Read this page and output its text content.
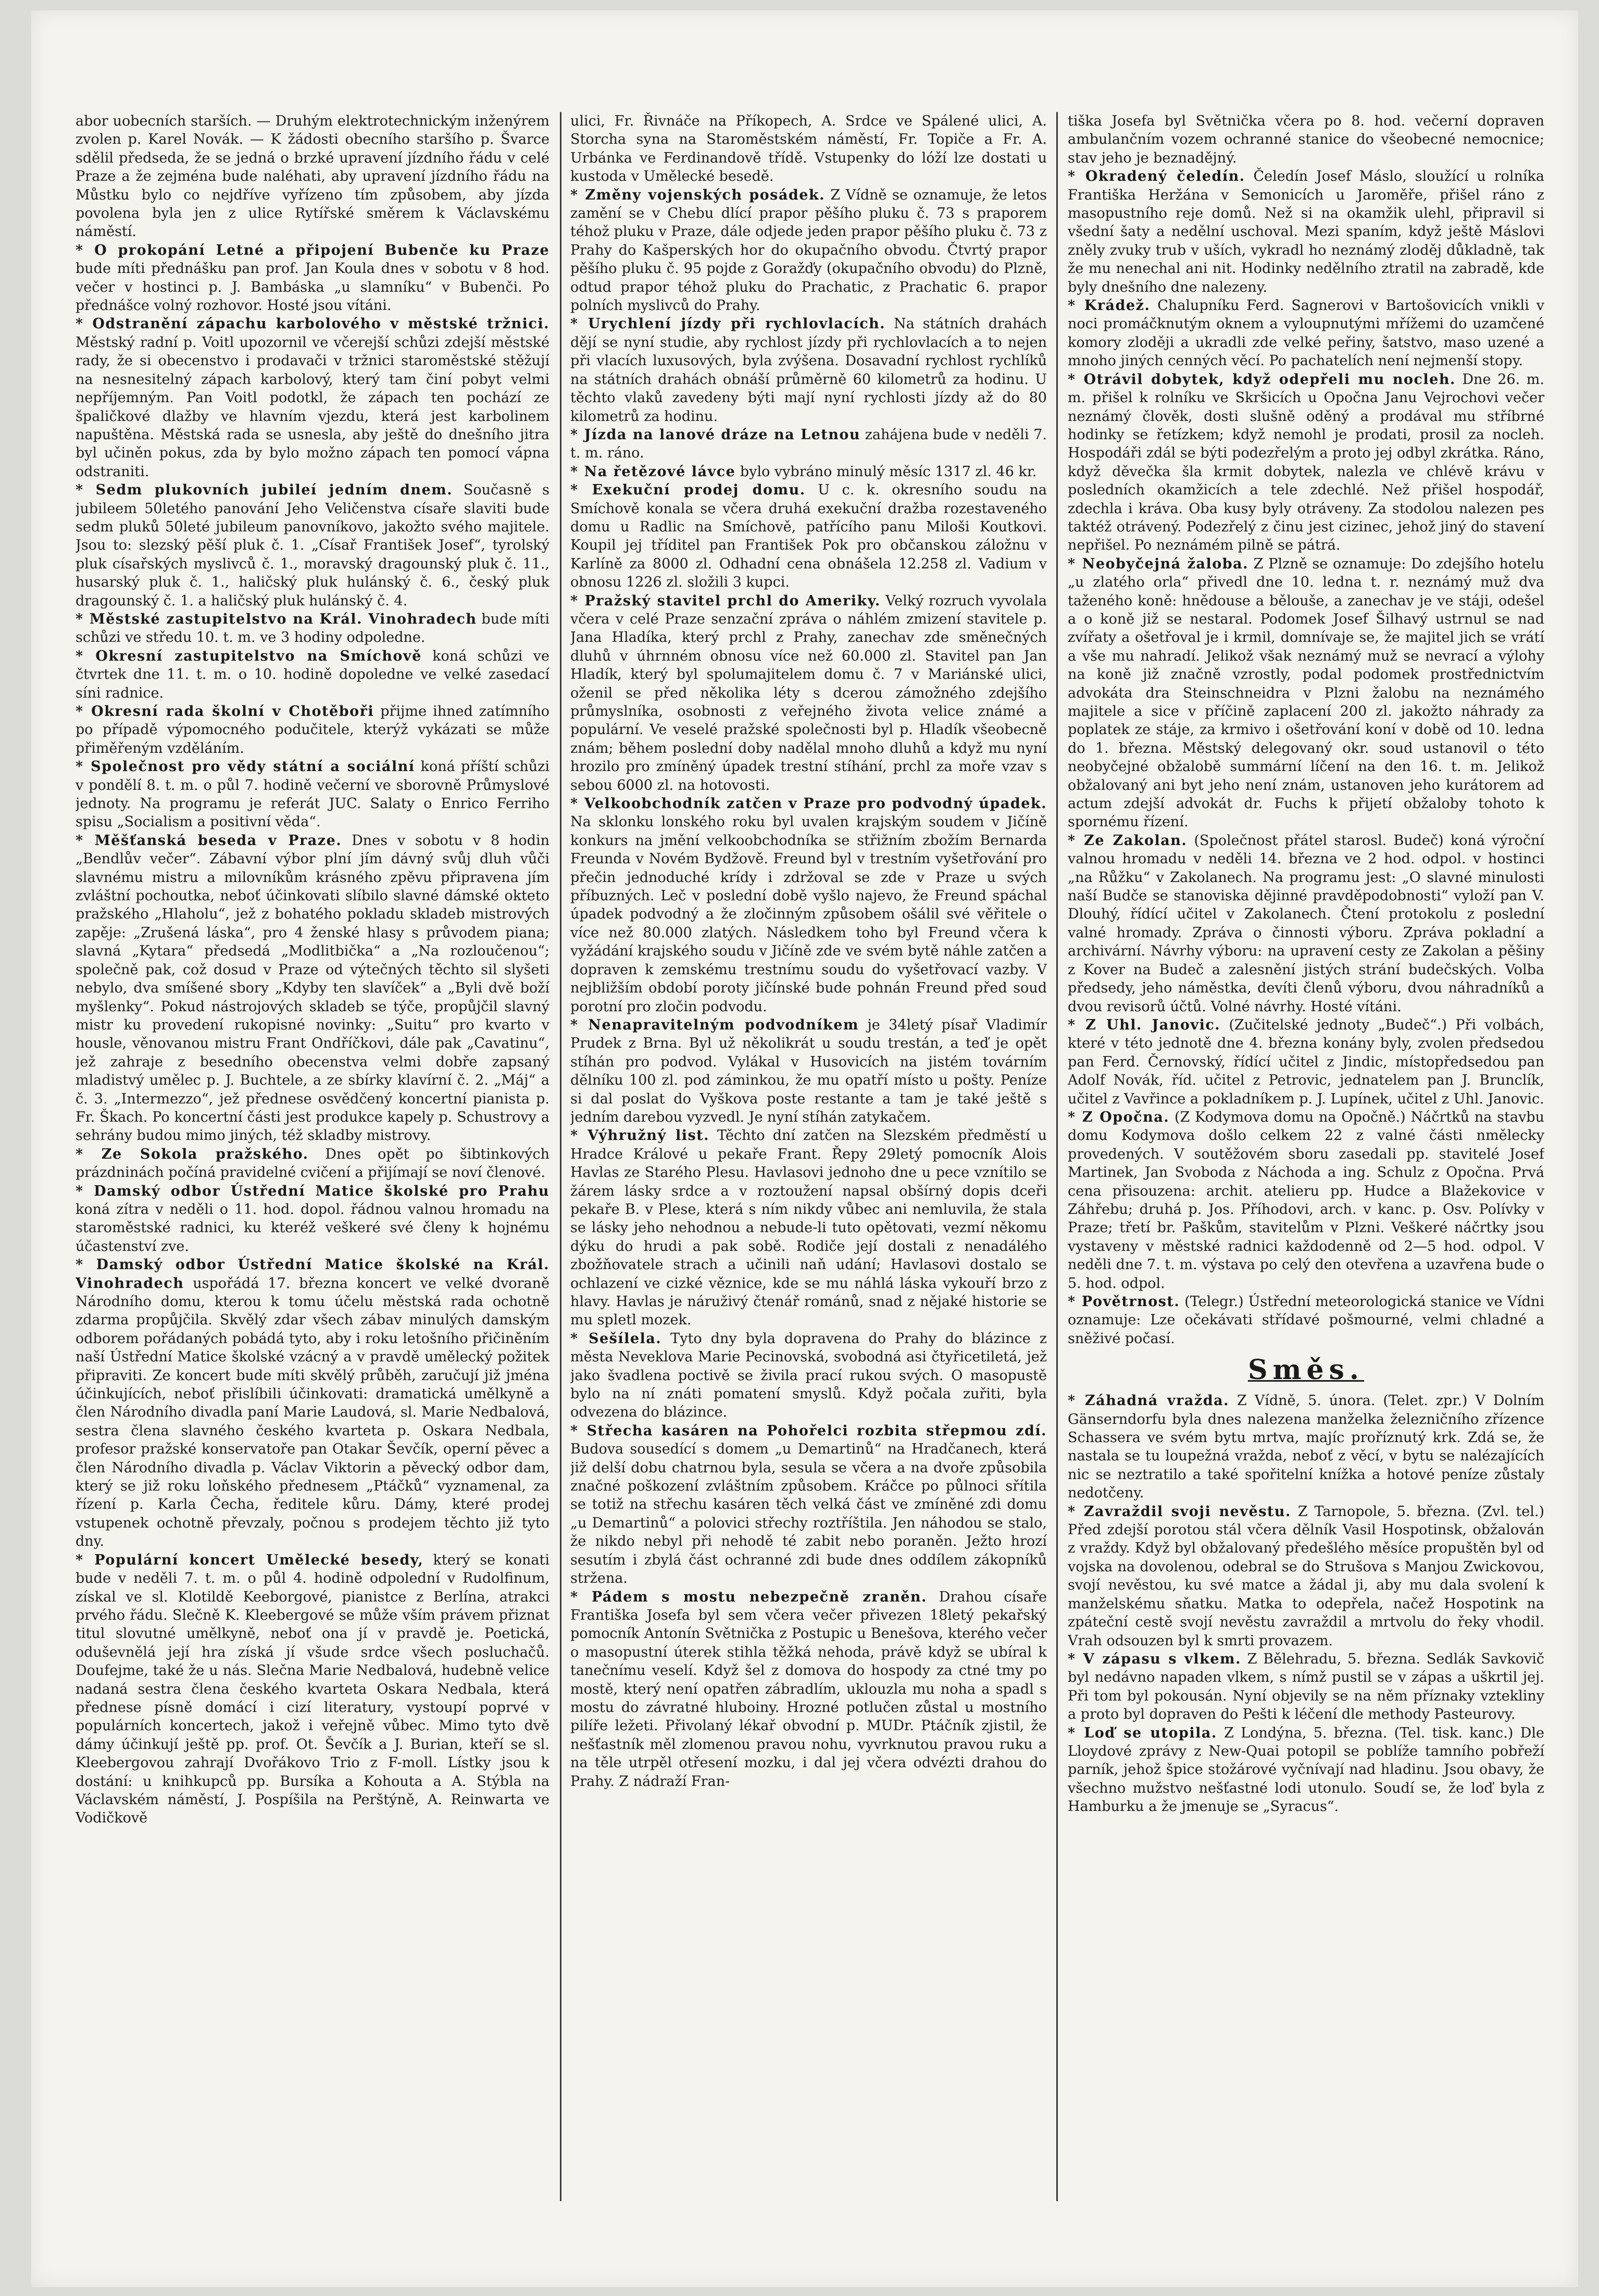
abor uobecních starších. — Druhým elektrotechnickým inženýrem zvolen p. Karel Novák. — K žádosti obecního staršího p. Švarce sdělil předseda, že se jedná o brzké upravení jízdního řádu v celé Praze a že zejména bude naléhati, aby upravení jízdního řádu na Můstku bylo co nejdříve vyřízeno tím způsobem, aby jízda povolena byla jen z ulice Rytířské směrem k Václavskému náměstí.

* O prokopání Letné a připojení Bubenče ku Praze bude míti přednášku pan prof. Jan Koula dnes v sobotu v 8 hod. večer v hostinci p. J. Bambáska „u slamníku“ v Bubenči. Po přednášce volný rozhovor. Hosté jsou vítáni.

* Odstranění zápachu karbolového v městské tržnici. Městský radní p. Voitl upozornil ve včerejší schůzi zdejší městské rady, že si obecenstvo i prodavači v tržnici staroměstské stěžují na nesnesitelný zápach karbolový, který tam činí pobyt velmi nepříjemným. Pan Voitl podotkl, že zápach ten pochází ze špaličkové dlažby ve hlavním vjezdu, která jest karbolinem napuštěna. Městská rada se usnesla, aby ještě do dnešního jitra byl učiněn pokus, zda by bylo možno zápach ten pomocí vápna odstraniti.

* Sedm plukovních jubileí jedním dnem. Současně s jubileem 50letého panování Jeho Veličenstva císaře slaviti bude sedm pluků 50leté jubileum panovníkovo, jakožto svého majitele. Jsou to: slezský pěší pluk č. 1. „Císař František Josef“, tyrolský pluk císařských myslivců č. 1., moravský dragounský pluk č. 11., husarský pluk č. 1., haličský pluk hulánský č. 6., český pluk dragounský č. 1. a haličský pluk hulánský č. 4.

* Městské zastupitelstvo na Král. Vinohradech bude míti schůzi ve středu 10. t. m. ve 3 hodiny odpoledne.

* Okresní zastupitelstvo na Smíchově koná schůzi ve čtvrtek dne 11. t. m. o 10. hodině dopoledne ve velké zasedací síni radnice.

* Okresní rada školní v Chotěboři přijme ihned zatímního po případě výpomocného podučitele, kterýž vykázati se může přiměřeným vzděláním.

* Společnost pro vědy státní a sociální koná příští schůzi v pondělí 8. t. m. o půl 7. hodině večerní ve sborovně Průmyslové jednoty. Na programu je referát JUC. Salaty o Enrico Ferriho spisu „Socialism a positivní věda“.

* Měšťanská beseda v Praze. Dnes v sobotu v 8 hodin „Bendlův večer“. Zábavní výbor plní jím dávný svůj dluh vůči slavnému mistru a milovníkům krásného zpěvu připravena jím zvláštní pochoutka, neboť účinkovati slíbilo slavné dámské okteto pražského „Hlaholu“, jež z bohatého pokladu skladeb mistrových zapěje: „Zrušená láska“, pro 4 ženské hlasy s průvodem piana; slavná „Kytara“ předsedá „Modlitbička“ a „Na rozloučenou“; společně pak, což dosud v Praze od výtečných těchto sil slyšeti nebylo, dva smíšené sbory „Kdyby ten slavíček“ a „Byli dvě boží myšlenky“. Pokud nástrojových skladeb se týče, propůjčil slavný mistr ku provedení rukopisné novinky: „Suitu“ pro kvarto v housle, věnovanou mistru Frant Ondříčkovi, dále pak „Cavatinu“, jež zahraje z besedního obecenstva velmi dobře zapsaný mladistvý umělec p. J. Buchtele, a ze sbírky klavírní č. 2. „Máj“ a č. 3. „Intermezzo“, jež přednese osvědčený koncertní pianista p. Fr. Škach. Po koncertní části jest produkce kapely p. Schustrovy a sehrány budou mimo jiných, též skladby mistrovy.

* Ze Sokola pražského. Dnes opět po šibtinkových prázdninách počíná pravidelné cvičení a přijímají se noví členové.

* Damský odbor Ústřední Matice školské pro Prahu koná zítra v neděli o 11. hod. dopol. řádnou valnou hromadu na staroměstské radnici, ku kteréž veškeré své členy k hojnému účastenství zve.

* Damský odbor Ústřední Matice školské na Král. Vinohradech uspořádá 17. března koncert ve velké dvoraně Národního domu, kterou k tomu účelu městská rada ochotně zdarma propůjčila. Skvělý zdar všech zábav minulých damským odborem pořádaných pobádá tyto, aby i roku letošního přičiněním naší Ústřední Matice školské vzácný a v pravdě umělecký požitek připraviti. Ze koncert bude míti skvělý průběh, zaručují již jména účinkujících, neboť přislíbili účinkovati: dramatická umělkyně a člen Národního divadla paní Marie Laudová, sl. Marie Nedbalová, sestra člena slavného českého kvarteta p. Oskara Nedbala, profesor pražské konservatoře pan Otakar Ševčík, operní pěvec a člen Národního divadla p. Václav Viktorin a pěvecký odbor dam, který se již roku loňského přednesem „Ptáčků“ vyznamenal, za řízení p. Karla Čecha, ředitele kůru. Dámy, které prodej vstupenek ochotně převzaly, počnou s prodejem těchto již tyto dny.

* Populární koncert Umělecké besedy, který se konati bude v neděli 7. t. m. o půl 4. hodině odpolední v Rudolfinum, získal ve sl. Klotildě Keeborgové, pianistce z Berlína, atrakci prvého řádu. Slečně K. Kleebergové se může vším právem přiznat titul slovutné umělkyně, neboť ona jí v pravdě je. Poetická, oduševnělá její hra získá jí všude srdce všech posluchačů. Doufejme, také že u nás. Slečna Marie Nedbalová, hudebně velice nadaná sestra člena českého kvarteta Oskara Nedbala, která přednese písně domácí i cizí literatury, vystoupí poprvé v populárních koncertech, jakož i veřejně vůbec. Mimo tyto dvě dámy účinkují ještě pp. prof. Ot. Ševčík a J. Burian, kteří se sl. Kleebergovou zahrají Dvořákovo Trio z F-moll. Lístky jsou k dostání: u knihkupců pp. Bursíka a Kohouta a A. Stýbla na Václavském náměstí, J. Pospíšila na Perštýně, A. Reinwarta ve Vodičkově

ulici, Fr. Řivnáče na Příkopech, A. Srdce ve Spálené ulici, A. Storcha syna na Staroměstském náměstí, Fr. Topiče a Fr. A. Urbánka ve Ferdinandově třídě. Vstupenky do lóží lze dostati u kustoda v Umělecké besedě.

* Změny vojenských posádek. Z Vídně se oznamuje, že letos zamění se v Chebu dlící prapor pěšího pluku č. 73 s praporem téhož pluku v Praze, dále odjede jeden prapor pěšího pluku č. 73 z Prahy do Kašperských hor do okupačního obvodu. Čtvrtý prapor pěšího pluku č. 95 pojde z Goražďy (okupačního obvodu) do Plzně, odtud prapor téhož pluku do Prachatic, z Prachatic 6. prapor polních myslivců do Prahy.

* Urychlení jízdy při rychlovlacích. Na státních drahách dějí se nyní studie, aby rychlost jízdy při rychlovlacích a to nejen při vlacích luxusových, byla zvýšena. Dosavadní rychlost rychlíků na státních drahách obnáší průměrně 60 kilometrů za hodinu. U těchto vlaků zavedeny býti mají nyní rychlosti jízdy až do 80 kilometrů za hodinu.

* Jízda na lanové dráze na Letnou zahájena bude v neděli 7. t. m. ráno.

* Na řetězové lávce bylo vybráno minulý měsíc 1317 zl. 46 kr.

* Exekuční prodej domu. U c. k. okresního soudu na Smíchově konala se včera druhá exekuční dražba rozestaveného domu u Radlic na Smíchově, patřícího panu Miloši Koutkovi. Koupil jej tříditel pan František Pok pro občanskou záložnu v Karlíně za 8000 zl. Odhadní cena obnášela 12.258 zl. Vadium v obnosu 1226 zl. složili 3 kupci.

* Pražský stavitel prchl do Ameriky. Velký rozruch vyvolala včera v celé Praze senzační zpráva o náhlém zmizení stavitele p. Jana Hladíka, který prchl z Prahy, zanechav zde směnečných dluhů v úhrnném obnosu více než 60.000 zl. Stavitel pan Jan Hladík, který byl spolumajitelem domu č. 7 v Mariánské ulici, oženil se před několika léty s dcerou zámožného zdejšího průmyslníka, osobnosti z veřejného života velice známé a populární. Ve veselé pražské společnosti byl p. Hladík všeobecně znám; během poslední doby nadělal mnoho dluhů a když mu nyní hrozilo pro zmíněný úpadek trestní stíhání, prchl za moře vzav s sebou 6000 zl. na hotovosti.

* Velkoobchodník zatčen v Praze pro podvodný úpadek. Na sklonku lonského roku byl uvalen krajským soudem v Jičíně konkurs na jmění velkoobchodníka se střižním zbožím Bernarda Freunda v Novém Bydžově. Freund byl v trestním vyšetřování pro přečin jednoduché krídy i zdržoval se zde v Praze u svých příbuzných. Leč v poslední době vyšlo najevo, že Freund spáchal úpadek podvodný a že zločinným způsobem ošálil své věřitele o více než 80.000 zlatých. Následkem toho byl Freund včera k vyžádání krajského soudu v Jičíně zde ve svém bytě náhle zatčen a dopraven k zemskému trestnímu soudu do vyšetřovací vazby. V nejbližším období poroty jičínské bude pohnán Freund před soud porotní pro zločin podvodu.

* Nenapravitelným podvodníkem je 34letý písař Vladimír Prudek z Brna. Byl už několikrát u soudu trestán, a teď je opět stíhán pro podvod. Vylákal v Husovicích na jistém továrním dělníku 100 zl. pod záminkou, že mu opatří místo u pošty. Peníze si dal poslat do Vyškova poste restante a tam je také ještě s jedním darebou vyzvedl. Je nyní stíhán zatykačem.

* Výhružný list. Těchto dní zatčen na Slezském předměstí u Hradce Králové u pekaře Frant. Řepy 29letý pomocník Alois Havlas ze Starého Plesu. Havlasovi jednoho dne u pece vznítilo se žárem lásky srdce a v roztoužení napsal obšírný dopis dceři pekaře B. v Plese, která s ním nikdy vůbec ani nemluvila, že stala se lásky jeho nehodnou a nebude-li tuto opětovati, vezmí někomu dýku do hrudi a pak sobě. Rodiče její dostali z nenadálého zbožňovatele strach a učinili naň udání; Havlasovi dostalo se ochlazení ve cizké věznice, kde se mu náhlá láska vykouří brzo z hlavy. Havlas je náruživý čtenář románů, snad z nějaké historie se mu spletl mozek.

* Sešílela. Tyto dny byla dopravena do Prahy do blázince z města Neveklova Marie Pecinovská, svobodná asi čtyřicetiletá, jež jako švadlena poctivě se živila prací rukou svých. O masopustě bylo na ní znáti pomatení smyslů. Když počala zuřiti, byla odvezena do blázince.

* Střecha kasáren na Pohořelci rozbita střepmou zdí. Budova sousedící s domem „u Demartinů“ na Hradčanech, která již delší dobu chatrnou byla, sesula se včera a na dvoře způsobila značné poškození zvláštním způsobem. Kráčce po půlnoci sřítila se totiž na střechu kasáren těch velká část ve zmíněné zdi domu „u Demartinů“ a polovici střechy roztříštila. Jen náhodou se stalo, že nikdo nebyl při nehodě té zabit nebo poraněn. Ježto hrozí sesutím i zbylá část ochranné zdi bude dnes oddílem zákopníků stržena.

* Pádem s mostu nebezpečně zraněn. Drahou císaře Františka Josefa byl sem včera večer přivezen 18letý pekařský pomocník Antonín Světnička z Postupic u Benešova, kterého večer o masopustní úterek stihla těžká nehoda, právě když se ubíral k tanečnímu veselí. Když šel z domova do hospody za ctné tmy po mostě, který není opatřen zábradlím, uklouzla mu noha a spadl s mostu do závratné hluboiny. Hrozné potlučen zůstal u mostního pilíře ležeti. Přivolaný lékař obvodní p. MUDr. Ptáčník zjistil, že nešťastník měl zlomenou pravou nohu, vyvrknutou pravou ruku a na těle utrpěl otřesení mozku, i dal jej včera odvézti drahou do Prahy. Z nádraží Fran-

tiška Josefa byl Světnička včera po 8. hod. večerní dopraven ambulančním vozem ochranné stanice do všeobecné nemocnice; stav jeho je beznadějný.

* Okradený čeledín. Čeledín Josef Máslo, sloužící u rolníka Františka Heržána v Semonicích u Jaroměře, přišel ráno z masopustního reje domů. Než si na okamžik ulehl, připravil si všední šaty a nedělní uschoval. Mezi spaním, když ještě Máslovi zněly zvuky trub v uších, vykradl ho neznámý zloděj důkladně, tak že mu nenechal ani nit. Hodinky nedělního ztratil na zabradě, kde byly dnešního dne nalezeny.

* Krádež. Chalupníku Ferd. Sagnerovi v Bartošovicích vnikli v noci promáčknutým oknem a vyloupnutými mřížemi do uzamčené komory zloději a ukradli zde velké peřiny, šatstvo, maso uzené a mnoho jiných cenných věcí. Po pachatelích není nejmenší stopy.

* Otrávil dobytek, když odepřeli mu nocleh. Dne 26. m. m. přišel k rolníku ve Skršicích u Opočna Janu Vejrochovi večer neznámý člověk, dosti slušně oděný a prodával mu stříbrné hodinky se řetízkem; když nemohl je prodati, prosil za nocleh. Hospodáři zdál se býti podezřelým a proto jej odbyl zkrátka. Ráno, když děvečka šla krmit dobytek, nalezla ve chlévě krávu v posledních okamžicích a tele zdechlé. Než přišel hospodář, zdechla i kráva. Oba kusy byly otráveny. Za stodolou nalezen pes taktéž otrávený. Podezřelý z činu jest cizinec, jehož jiný do stavení nepřišel. Po neznámém pilně se pátrá.

* Neobyčejná žaloba. Z Plzně se oznamuje: Do zdejšího hotelu „u zlatého orla“ přivedl dne 10. ledna t. r. neznámý muž dva taženého koně: hnědouse a běloušе, a zanechav je ve stáji, odešel a o koně již se nestaral. Podomek Josef Šilhavý ustrnul se nad zvířaty a ošetřoval je i krmil, domnívaje se, že majitel jich se vrátí a vše mu nahradí. Jelikož však neznámý muž se nevrací a výlohy na koně již značně vzrostly, podal podomek prostřednictvím advokáta dra Steinschneidra v Plzni žalobu na neznámého majitele a sice v příčině zaplacení 200 zl. jakožto náhrady za poplatek ze stáje, za krmivo i ošetřování koní v době od 10. ledna do 1. března. Městský delegovaný okr. soud ustanovil o této neobyčejné obžalobě summární líčení na den 16. t. m. Jelikož obžalovaný ani byt jeho není znám, ustanoven jeho kurátorem ad actum zdejší advokát dr. Fuchs k přijetí obžaloby tohoto k spornému řízení.

* Ze Zakolan. (Společnost přátel starosl. Budeč) koná výroční valnou hromadu v neděli 14. března ve 2 hod. odpol. v hostinci „na Růžku“ v Zakolanech. Na programu jest: „O slavné minulosti naší Budče se stanoviska dějinné pravděpodobnosti“ vyloží pan V. Dlouhý, řídící učitel v Zakolanech. Čtení protokolu z poslední valné hromady. Zpráva o činnosti výboru. Zpráva pokladní a archivární. Návrhy výboru: na upravení cesty ze Zakolan a pěšiny z Kover na Budeč a zalesnění jistých strání budečských. Volba předsedy, jeho náměstka, devíti členů výboru, dvou náhradníků a dvou revisorů účtů. Volné návrhy. Hosté vítáni.

* Z Uhl. Janovic. (Zučitelské jednoty „Budeč“.) Při volbách, které v této jednotě dne 4. března konány byly, zvolen předsedou pan Ferd. Černovský, řídící učitel z Jindic, místopředsedou pan Adolf Novák, říd. učitel z Petrovic, jednatelem pan J. Brunclík, učitel z Vavřince a pokladníkem p. J. Lupínek, učitel z Uhl. Janovic.

* Z Opočna. (Z Kodymova domu na Opočně.) Náčrtků na stavbu domu Kodymova došlo celkem 22 z valné části nmělecky provedených. V soutěžovém sboru zasedali pp. stavitelé Josef Martinek, Jan Svoboda z Náchoda a ing. Schulz z Opočna. Prvá cena přisouzena: archit. atelieru pp. Hudce a Blažekovice v Záhřebu; druhá p. Jos. Příhodovi, arch. v kanc. p. Osv. Polívky v Praze; třetí br. Paškům, stavitelům v Plzni. Veškeré náčrtky jsou vystaveny v městské radnici každodenně od 2—5 hod. odpol. V neděli dne 7. t. m. výstava po celý den otevřena a uzavřena bude o 5. hod. odpol.

* Povětrnost. (Telegr.) Ústřední meteorologická stanice ve Vídni oznamuje: Lze očekávati střídavé pošmourné, velmi chladné a sněživé počasí.

Směs.

* Záhadná vražda. Z Vídně, 5. února. (Telet. zpr.) V Dolním Gänserndorfu byla dnes nalezena manželka železničního zřízence Schassera ve svém bytu mrtva, majíc proříznutý krk. Zdá se, že nastala se tu loupežná vražda, neboť z věcí, v bytu se nalézajících nic se neztratilo a také spořitelní knížka a hotové peníze zůstaly nedotčeny.

* Zavraždil svoji nevěstu. Z Tarnopole, 5. března. (Zvl. tel.) Před zdejší porotou stál včera dělník Vasil Hospotinsk, obžalován z vraždy. Když byl obžalovaný předešlého měsíce propuštěn byl od vojska na dovolenou, odebral se do Strušova s Manjou Zwickovou, svojí nevěstou, ku své matce a žádal ji, aby mu dala svolení k manželskému sňatku. Matka to odepřela, načež Hospotink na zpáteční cestě svojí nevěstu zavraždil a mrtvolu do řeky vhodil. Vrah odsouzen byl k smrti provazem.

* V zápasu s vlkem. Z Bělehradu, 5. března. Sedlák Savkovič byl nedávno napaden vlkem, s nímž pustil se v zápas a uškrtil jej. Při tom byl pokousán. Nyní objevily se na něm příznaky vztekliny a proto byl dopraven do Pešti k léčení dle methody Pasteurovy.

* Loď se utopila. Z Londýna, 5. března. (Tel. tisk. kanc.) Dle Lloydové zprávy z New-Quai potopil se poblíže tamního pobřeží parník, jehož špice stožárové vyčnívají nad hladinu. Jsou obavy, že všechno mužstvo nešťastné lodi utonulo. Soudí se, že loď byla z Hamburku a že jmenuje se „Syracus“.
